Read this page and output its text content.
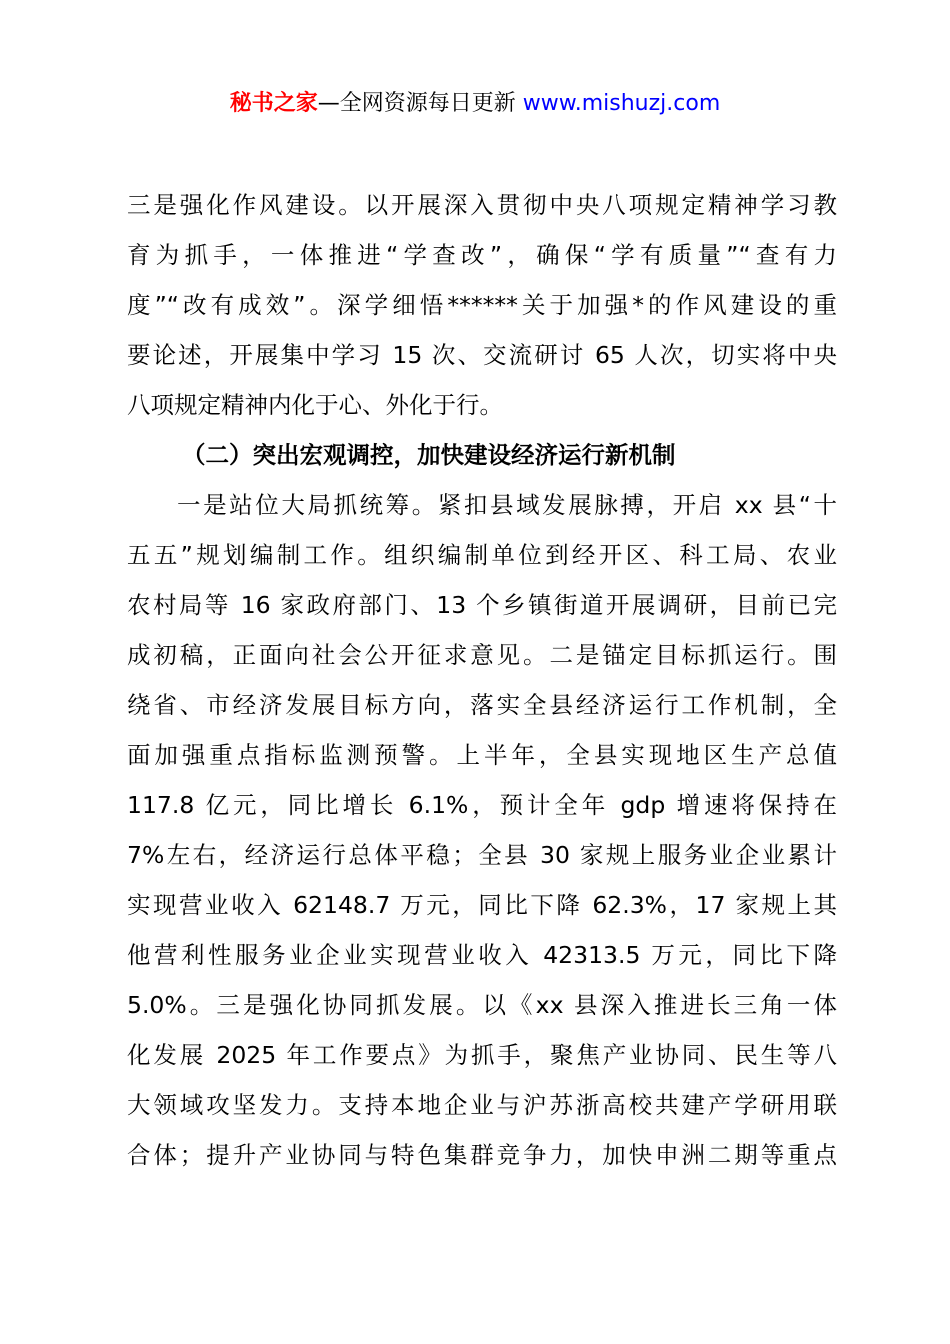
秘书之家—全网资源每日更新 www.mishuzj.com
三是强化作风建设。以开展深入贯彻中央八项规定精神学习教
育为抓手，一体推进“学查改”，确保“学有质量”“查有力
度”“改有成效”。深学细悟******关于加强*的作风建设的重
要论述，开展集中学习 15 次、交流研讨 65 人次，切实将中央
八项规定精神内化于心、外化于行。
（二）突出宏观调控，加快建设经济运行新机制
一是站位大局抓统筹。紧扣县域发展脉搏，开启 xx 县“十
五五”规划编制工作。组织编制单位到经开区、科工局、农业
农村局等 16 家政府部门、13 个乡镇街道开展调研，目前已完
成初稿，正面向社会公开征求意见。二是锚定目标抓运行。围
绕省、市经济发展目标方向，落实全县经济运行工作机制，全
面加强重点指标监测预警。上半年，全县实现地区生产总值
117.8 亿元，同比增长 6.1%，预计全年 gdp 增速将保持在
7%左右，经济运行总体平稳；全县 30 家规上服务业企业累计
实现营业收入 62148.7 万元，同比下降 62.3%，17 家规上其
他营利性服务业企业实现营业收入 42313.5 万元，同比下降
5.0%。三是强化协同抓发展。以《xx 县深入推进长三角一体
化发展 2025 年工作要点》为抓手，聚焦产业协同、民生等八
大领域攻坚发力。支持本地企业与沪苏浙高校共建产学研用联
合体；提升产业协同与特色集群竞争力，加快申洲二期等重点
